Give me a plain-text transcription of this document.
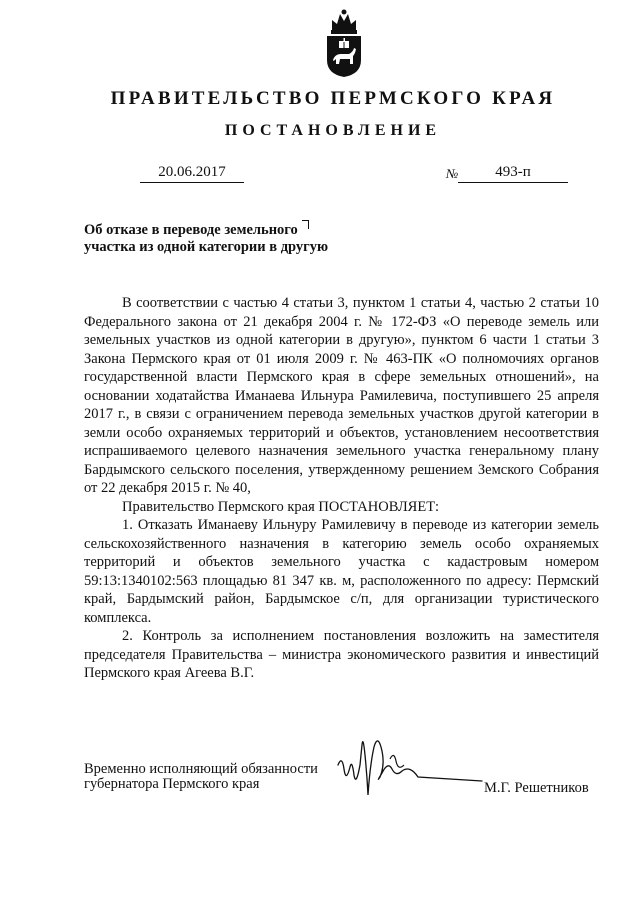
ПРАВИТЕЛЬСТВО ПЕРМСКОГО КРАЯ
ПОСТАНОВЛЕНИЕ
20.06.2017	№	493-п
Об отказе в переводе земельного
участка из одной категории в другую

В соответствии с частью 4 статьи 3, пунктом 1 статьи 4, частью 2 статьи 10 Федерального закона от 21 декабря 2004 г. № 172-ФЗ «О переводе земель или земельных участков из одной категории в другую», пунктом 6 части 1 статьи 3 Закона Пермского края от 01 июля 2009 г. № 463-ПК «О полномочиях органов государственной власти Пермского края в сфере земельных отношений», на основании ходатайства Иманаева Ильнура Рамилевича, поступившего 25 апреля 2017 г., в связи с ограничением перевода земельных участков другой категории в земли особо охраняемых территорий и объектов, установлением несоответствия испрашиваемого целевого назначения земельного участка генеральному плану Бардымского сельского поселения, утвержденному решением Земского Собрания от 22 декабря 2015 г. № 40,

Правительство Пермского края ПОСТАНОВЛЯЕТ:

1. Отказать Иманаеву Ильнуру Рамилевичу в переводе из категории земель сельскохозяйственного назначения в категорию земель особо охраняемых территорий и объектов земельного участка с кадастровым номером 59:13:1340102:563 площадью 81 347 кв. м, расположенного по адресу: Пермский край, Бардымский район, Бардымское с/п, для организации туристического комплекса.

2. Контроль за исполнением постановления возложить на заместителя председателя Правительства – министра экономического развития и инвестиций Пермского края Агеева В.Г.

Временно исполняющий обязанности
губернатора Пермского края	М.Г. Решетников
